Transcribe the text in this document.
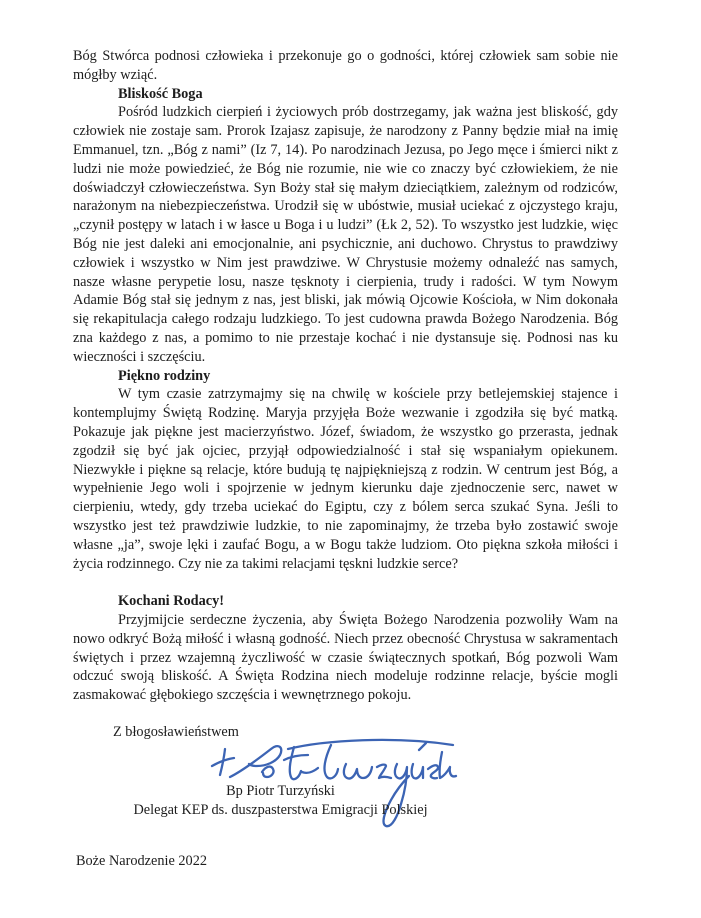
Bóg Stwórca podnosi człowieka i przekonuje go o godności, której człowiek sam sobie nie mógłby wziąć.

Bliskość Boga

Pośród ludzkich cierpień i życiowych prób dostrzegamy, jak ważna jest bliskość, gdy człowiek nie zostaje sam. Prorok Izajasz zapisuje, że narodzony z Panny będzie miał na imię Emmanuel, tzn. „Bóg z nami” (Iz 7, 14). Po narodzinach Jezusa, po Jego męce i śmierci nikt z ludzi nie może powiedzieć, że Bóg nie rozumie, nie wie co znaczy być człowiekiem, że nie doświadczył człowieczeństwa. Syn Boży stał się małym dzieciątkiem, zależnym od rodziców, narażonym na niebezpieczeństwa. Urodził się w ubóstwie, musiał uciekać z ojczystego kraju, „czynił postępy w latach i w łasce u Boga i u ludzi” (Łk 2, 52). To wszystko jest ludzkie, więc Bóg nie jest daleki ani emocjonalnie, ani psychicznie, ani duchowo. Chrystus to prawdziwy człowiek i wszystko w Nim jest prawdziwe. W Chrystusie możemy odnaleźć nas samych, nasze własne perypetie losu, nasze tęsknoty i cierpienia, trudy i radości. W tym Nowym Adamie Bóg stał się jednym z nas, jest bliski, jak mówią Ojcowie Kościoła, w Nim dokonała się rekapitulacja całego rodzaju ludzkiego. To jest cudowna prawda Bożego Narodzenia. Bóg zna każdego z nas, a pomimo to nie przestaje kochać i nie dystansuje się. Podnosi nas ku wieczności i szczęściu.

Piękno rodziny

W tym czasie zatrzymajmy się na chwilę w kościele przy betlejemskiej stajence i kontemplujmy Świętą Rodzinę. Maryja przyjęła Boże wezwanie i zgodziła się być matką. Pokazuje jak piękne jest macierzyństwo. Józef, świadom, że wszystko go przerasta, jednak zgodził się być jak ojciec, przyjął odpowiedzialność i stał się wspaniałym opiekunem. Niezwykłe i piękne są relacje, które budują tę najpiękniejszą z rodzin. W centrum jest Bóg, a wypełnienie Jego woli i spojrzenie w jednym kierunku daje zjednoczenie serc, nawet w cierpieniu, wtedy, gdy trzeba uciekać do Egiptu, czy z bólem serca szukać Syna. Jeśli to wszystko jest też prawdziwie ludzkie, to nie zapominajmy, że trzeba było zostawić swoje własne „ja”, swoje lęki i zaufać Bogu, a w Bogu także ludziom. Oto piękna szkoła miłości i życia rodzinnego. Czy nie za takimi relacjami tęskni ludzkie serce?

Kochani Rodacy!

Przyjmijcie serdeczne życzenia, aby Święta Bożego Narodzenia pozwoliły Wam na nowo odkryć Bożą miłość i własną godność. Niech przez obecność Chrystusa w sakramentach świętych i przez wzajemną życzliwość w czasie świątecznych spotkań, Bóg pozwoli Wam odczuć swoją bliskość. A Święta Rodzina niech modeluje rodzinne relacje, byście mogli zasmakować głębokiego szczęścia i wewnętrznego pokoju.

Z błogosławieństwem
Bp Piotr Turzyński
Delegat KEP ds. duszpasterstwa Emigracji Polskiej
Boże Narodzenie 2022
